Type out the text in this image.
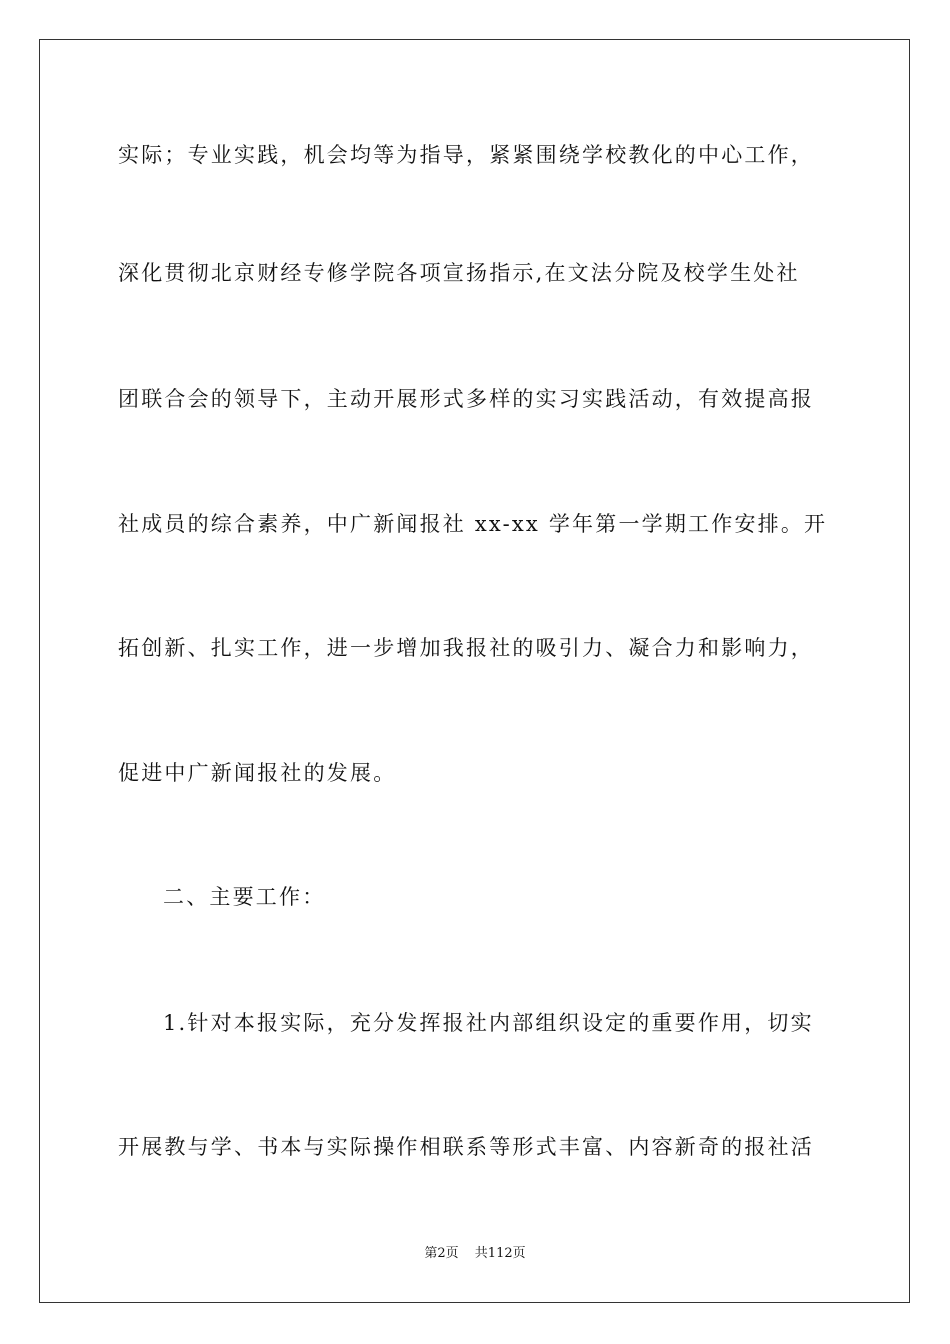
实际；专业实践，机会均等为指导，紧紧围绕学校教化的中心工作，
深化贯彻北京财经专修学院各项宣扬指示,在文法分院及校学生处社
团联合会的领导下，主动开展形式多样的实习实践活动，有效提高报
社成员的综合素养，中广新闻报社 xx-xx 学年第一学期工作安排。开
拓创新、扎实工作，进一步增加我报社的吸引力、凝合力和影响力，
促进中广新闻报社的发展。
二、主要工作：
1.针对本报实际，充分发挥报社内部组织设定的重要作用，切实
开展教与学、书本与实际操作相联系等形式丰富、内容新奇的报社活
第2页 共112页
